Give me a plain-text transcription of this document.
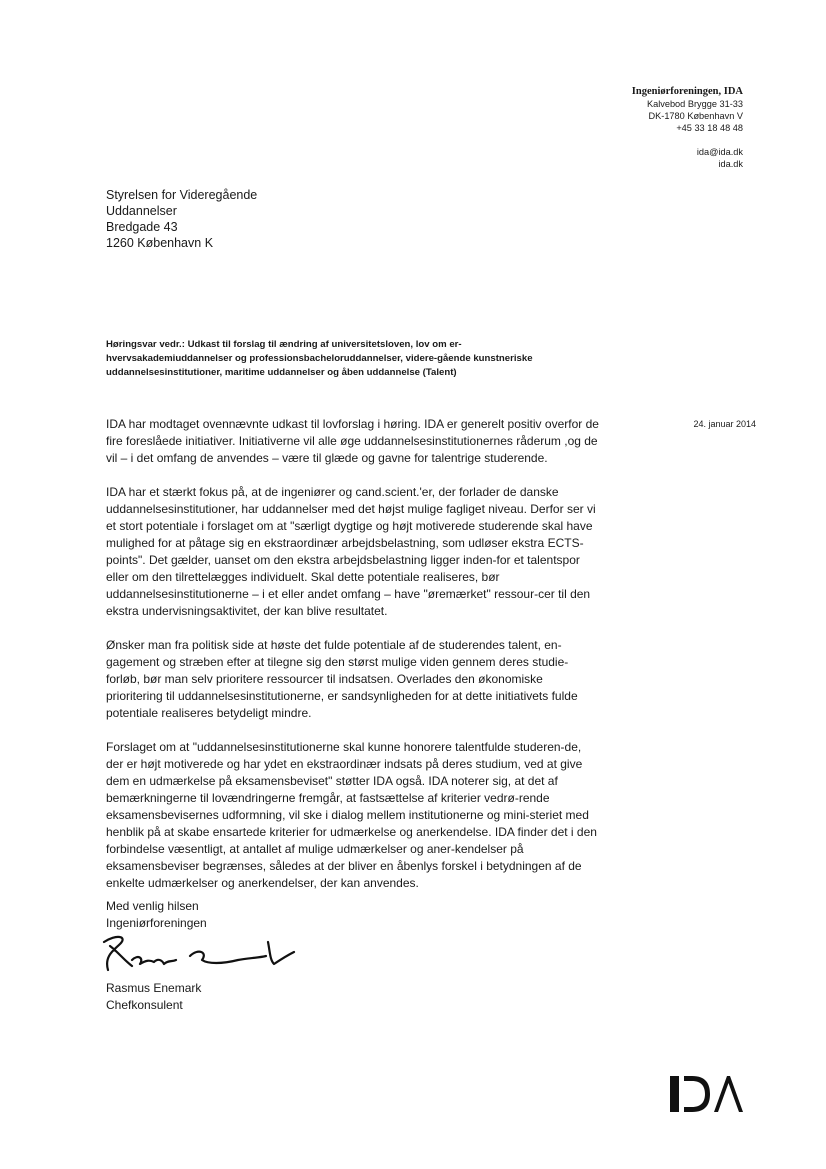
Ingeniørforeningen, IDA
Kalvebod Brygge 31-33
DK-1780 København V
+45 33 18 48 48
ida@ida.dk
ida.dk
Styrelsen for Videregående
Uddannelser
Bredgade 43
1260 København K
Høringsvar vedr.: Udkast til forslag til ændring af universitetsloven, lov om er-hvervsakademiuddannelser og professionsbacheloruddannelser, videre-gående kunstneriske uddannelsesinstitutioner, maritime uddannelser og åben uddannelse (Talent)
24. januar 2014

IDA har modtaget ovennævnte udkast til lovforslag i høring. IDA er generelt positiv overfor de fire foreslåede initiativer. Initiativerne vil alle øge uddannelsesinstitutionernes råderum ,og de vil – i det omfang de anvendes – være til glæde og gavne for talentrige studerende.

IDA har et stærkt fokus på, at de ingeniører og cand.scient.'er, der forlader de danske uddannelsesinstitutioner, har uddannelser med det højst mulige fagliget niveau. Derfor ser vi et stort potentiale i forslaget om at "særligt dygtige og højt motiverede studerende skal have mulighed for at påtage sig en ekstraordinær arbejdsbelastning, som udløser ekstra ECTS-points". Det gælder, uanset om den ekstra arbejdsbelastning ligger inden-for et talentspor eller om den tilrettelægges individuelt. Skal dette potentiale realiseres, bør uddannelsesinstitutionerne – i et eller andet omfang – have "øremærket" ressour-cer til den ekstra undervisningsaktivitet, der kan blive resultatet.

Ønsker man fra politisk side at høste det fulde potentiale af de studerendes talent, en-gagement og stræben efter at tilegne sig den størst mulige viden gennem deres studie-forløb, bør man selv prioritere ressourcer til indsatsen. Overlades den økonomiske prioritering til uddannelsesinstitutionerne, er sandsynligheden for at dette initiativets fulde potentiale realiseres betydeligt mindre.

Forslaget om at "uddannelsesinstitutionerne skal kunne honorere talentfulde studeren-de, der er højt motiverede og har ydet en ekstraordinær indsats på deres studium, ved at give dem en udmærkelse på eksamensbeviset" støtter IDA også. IDA noterer sig, at det af bemærkningerne til lovændringerne fremgår, at fastsættelse af kriterier vedrø-rende eksamensbevisernes udformning, vil ske i dialog mellem institutionerne og mini-steriet med henblik på at skabe ensartede kriterier for udmærkelse og anerkendelse. IDA finder det i den forbindelse væsentligt, at antallet af mulige udmærkelser og aner-kendelser på eksamensbeviser begrænses, således at der bliver en åbenlys forskel i betydningen af de enkelte udmærkelser og anerkendelser, der kan anvendes.

Med venlig hilsen
Ingeniørforeningen
Rasmus Enemark
Chefkonsulent
